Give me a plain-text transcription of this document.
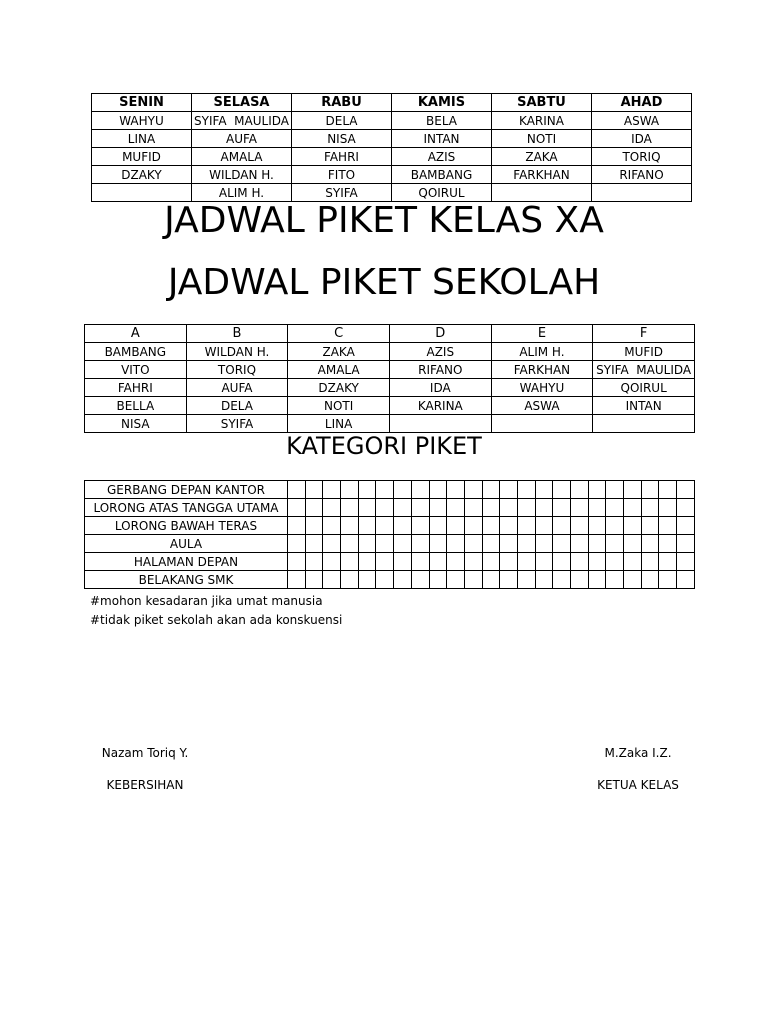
SENIN	SELASA	RABU	KAMIS	SABTU	AHAD
WAHYU	SYIFA  MAULIDA	DELA	BELA	KARINA	ASWA
LINA	AUFA	NISA	INTAN	NOTI	IDA
MUFID	AMALA	FAHRI	AZIS	ZAKA	TORIQ
DZAKY	WILDAN H.	FITO	BAMBANG	FARKHAN	RIFANO
	ALIM H.	SYIFA	QOIRUL		
JADWAL PIKET KELAS XA
JADWAL PIKET SEKOLAH
A	B	C	D	E	F
BAMBANG	WILDAN H.	ZAKA	AZIS	ALIM H.	MUFID
VITO	TORIQ	AMALA	RIFANO	FARKHAN	SYIFA  MAULIDA
FAHRI	AUFA	DZAKY	IDA	WAHYU	QOIRUL
BELLA	DELA	NOTI	KARINA	ASWA	INTAN
NISA	SYIFA	LINA			
KATEGORI PIKET
GERBANG DEPAN KANTOR																							
LORONG ATAS TANGGA UTAMA																							
LORONG BAWAH TERAS																							
AULA																							
HALAMAN DEPAN																							
BELAKANG SMK																							

#mohon kesadaran jika umat manusia

#tidak piket sekolah akan ada konskuensi

Nazam Toriq Y.
KEBERSIHAN
M.Zaka I.Z.
KETUA KELAS
